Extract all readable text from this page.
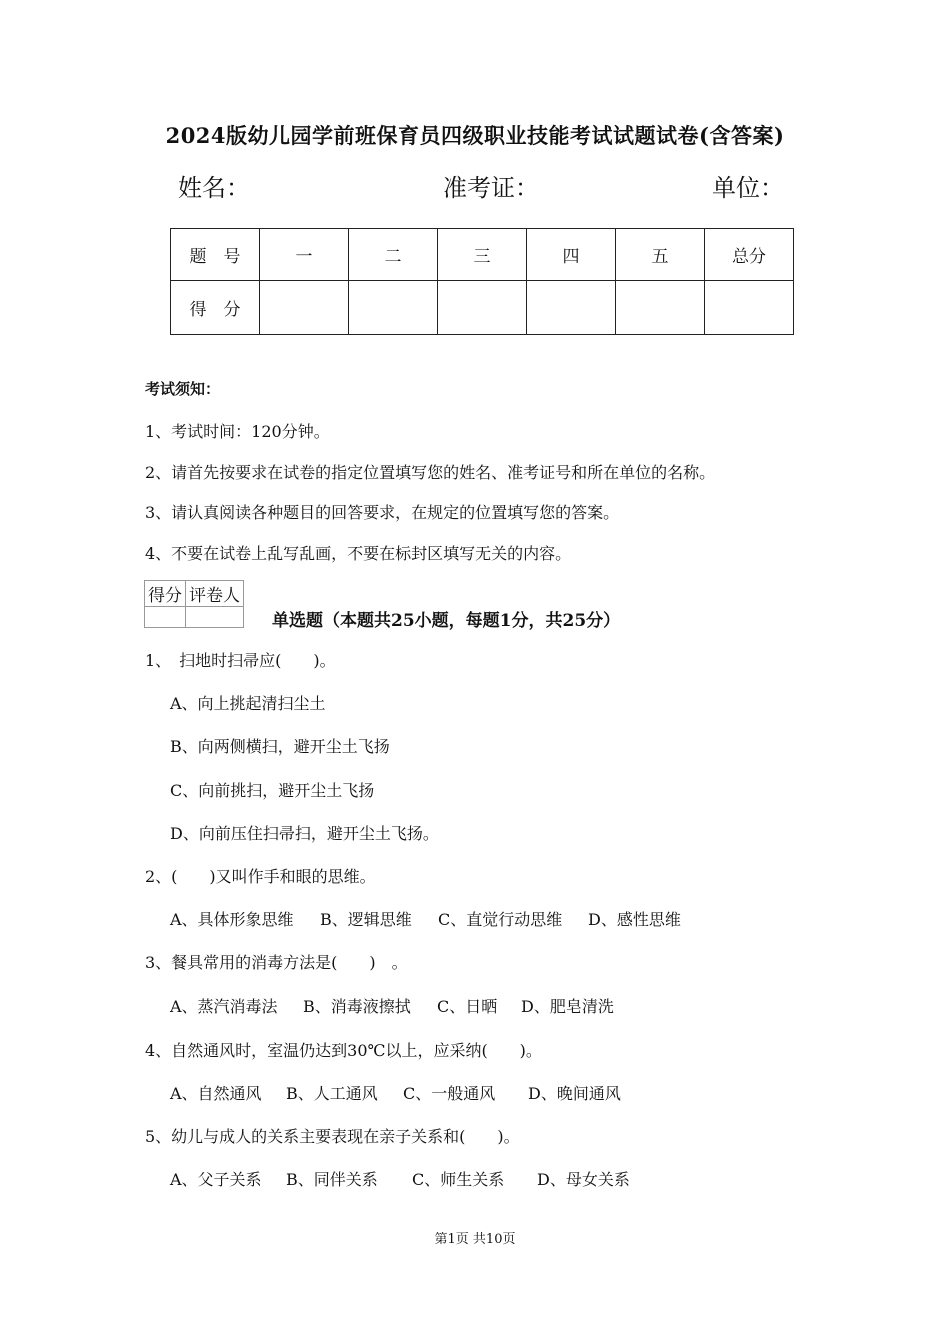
2024版幼儿园学前班保育员四级职业技能考试试题试卷(含答案)
姓名：	准考证：	单位：
题　号	一	二	三	四	五	总分
得　分						
考试须知：
1、考试时间：120分钟。
2、请首先按要求在试卷的指定位置填写您的姓名、准考证号和所在单位的名称。
3、请认真阅读各种题目的回答要求，在规定的位置填写您的答案。
4、不要在试卷上乱写乱画，不要在标封区填写无关的内容。
得分	评卷人

单选题（本题共25小题，每题1分，共25分）
1、　扫地时扫帚应(　　)。
A、向上挑起清扫尘土
B、向两侧横扫，避开尘土飞扬
C、向前挑扫，避开尘土飞扬
D、向前压住扫帚扫，避开尘土飞扬。
2、(　　)又叫作手和眼的思维。
A、具体形象思维 B、逻辑思维 C、直觉行动思维 D、感性思维
3、餐具常用的消毒方法是(　　)　。
A、蒸汽消毒法 B、消毒液擦拭 C、日晒 D、肥皂清洗
4、自然通风时，室温仍达到30℃以上，应采纳(　　)。
A、自然通风 B、人工通风 C、一般通风 D、晚间通风
5、幼儿与成人的关系主要表现在亲子关系和(　　)。
A、父子关系 B、同伴关系 C、师生关系 D、母女关系
第1页 共10页
